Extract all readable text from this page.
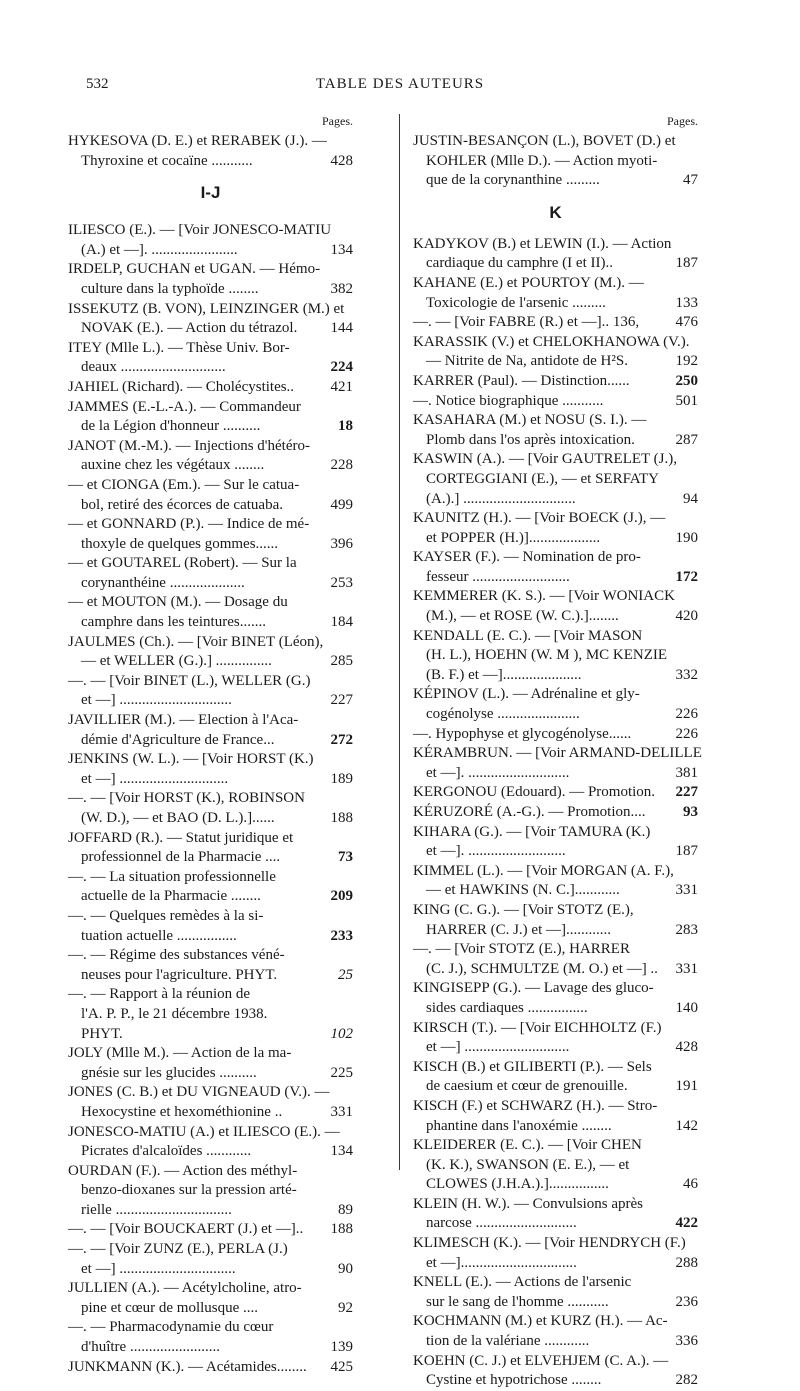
532	TABLE DES AUTEURS
Pages.
HYKESOVA (D. E.) et RERABEK (J.). —
Thyroxine et cocaïne ...........	428
I-J
ILIESCO (E.). — [Voir JONESCO-MATIU
(A.) et —]. .......................	134
IRDELP, GUCHAN et UGAN. — Hémo-
culture dans la typhoïde ........	382
ISSEKUTZ (B. VON), LEINZINGER (M.) et
NOVAK (E.). — Action du tétrazol.	144
ITEY (Mlle L.). — Thèse Univ. Bor-
deaux ............................	224
JAHIEL (Richard). — Cholécystites..	421
JAMMES (E.-L.-A.). — Commandeur
de la Légion d'honneur ..........	18
JANOT (M.-M.). — Injections d'hétéro-
auxine chez les végétaux ........	228
— et CIONGA (Em.). — Sur le catua-
bol, retiré des écorces de catuaba.	499
— et GONNARD (P.). — Indice de mé-
thoxyle de quelques gommes......	396
— et GOUTAREL (Robert). — Sur la
corynanthéine ....................	253
— et MOUTON (M.). — Dosage du
camphre dans les teintures.......	184
JAULMES (Ch.). — [Voir BINET (Léon),
— et WELLER (G.).] ...............	285
—. — [Voir BINET (L.), WELLER (G.)
et —] ..............................	227
JAVILLIER (M.). — Election à l'Aca-
démie d'Agriculture de France...	272
JENKINS (W. L.). — [Voir HORST (K.)
et —] .............................	189
—. — [Voir HORST (K.), ROBINSON
(W. D.), — et BAO (D. L.).]......	188
JOFFARD (R.). — Statut juridique et
professionnel de la Pharmacie ....	73
—. — La situation professionnelle
actuelle de la Pharmacie ........	209
—. — Quelques remèdes à la si-
tuation actuelle ................	233
—. — Régime des substances véné-
neuses pour l'agriculture. PHYT.	25
—. — Rapport à la réunion de
l'A. P. P., le 21 décembre 1938.
PHYT.	102
JOLY (Mlle M.). — Action de la ma-
gnésie sur les glucides ..........	225
JONES (C. B.) et DU VIGNEAUD (V.). —
Hexocystine et hexométhionine ..	331
JONESCO-MATIU (A.) et ILIESCO (E.). —
Picrates d'alcaloïdes ............	134
OURDAN (F.). — Action des méthyl-
benzo-dioxanes sur la pression arté-
rielle ...............................	89
—. — [Voir BOUCKAERT (J.) et —]..	188
—. — [Voir ZUNZ (E.), PERLA (J.)
et —] ...............................	90
JULLIEN (A.). — Acétylcholine, atro-
pine et cœur de mollusque ....	92
—. — Pharmacodynamie du cœur
d'huître ........................	139
JUNKMANN (K.). — Acétamides........	425
Pages.
JUSTIN-BESANÇON (L.), BOVET (D.) et
KOHLER (Mlle D.). — Action myoti-
que de la corynanthine .........	47
K
KADYKOV (B.) et LEWIN (I.). — Action
cardiaque du camphre (I et II)..	187
KAHANE (E.) et POURTOY (M.). —
Toxicologie de l'arsenic .........	133
—. — [Voir FABRE (R.) et —].. 136,	476
KARASSIK (V.) et CHELOKHANOWA (V.).
— Nitrite de Na, antidote de H²S.	192
KARRER (Paul). — Distinction......	250
—. Notice biographique ...........	501
KASAHARA (M.) et NOSU (S. I.). —
Plomb dans l'os après intoxication.	287
KASWIN (A.). — [Voir GAUTRELET (J.),
CORTEGGIANI (E.), — et SERFATY
(A.).] ..............................	94
KAUNITZ (H.). — [Voir BOECK (J.), —
et POPPER (H.)]...................	190
KAYSER (F.). — Nomination de pro-
fesseur ..........................	172
KEMMERER (K. S.). — [Voir WONIACK
(M.), — et ROSE (W. C.).]........	420
KENDALL (E. C.). — [Voir MASON
(H. L.), HOEHN (W. M ), MC KENZIE
(B. F.) et —].....................	332
KÉPINOV (L.). — Adrénaline et gly-
cogénolyse ......................	226
—. Hypophyse et glycogénolyse......	226
KÉRAMBRUN. — [Voir ARMAND-DELILLE
et —]. ...........................	381
KERGONOU (Edouard). — Promotion.	227
KÉRUZORÉ (A.-G.). — Promotion....	93
KIHARA (G.). — [Voir TAMURA (K.)
et —]. ..........................	187
KIMMEL (L.). — [Voir MORGAN (A. F.),
— et HAWKINS (N. C.]............	331
KING (C. G.). — [Voir STOTZ (E.),
HARRER (C. J.) et —]............	283
—. — [Voir STOTZ (E.), HARRER
(C. J.), SCHMULTZE (M. O.) et —] ..	331
KINGISEPP (G.). — Lavage des gluco-
sides cardiaques ................	140
KIRSCH (T.). — [Voir EICHHOLTZ (F.)
et —] ............................	428
KISCH (B.) et GILIBERTI (P.). — Sels
de caesium et cœur de grenouille.	191
KISCH (F.) et SCHWARZ (H.). — Stro-
phantine dans l'anoxémie ........	142
KLEIDERER (E. C.). — [Voir CHEN
(K. K.), SWANSON (E. E.), — et
CLOWES (J.H.A.).]................	46
KLEIN (H. W.). — Convulsions après
narcose ...........................	422
KLIMESCH (K.). — [Voir HENDRYCH (F.)
et —]...............................	288
KNELL (E.). — Actions de l'arsenic
sur le sang de l'homme ...........	236
KOCHMANN (M.) et KURZ (H.). — Ac-
tion de la valériane ............	336
KOEHN (C. J.) et ELVEHJEM (C. A.). —
Cystine et hypotrichose ........	282
